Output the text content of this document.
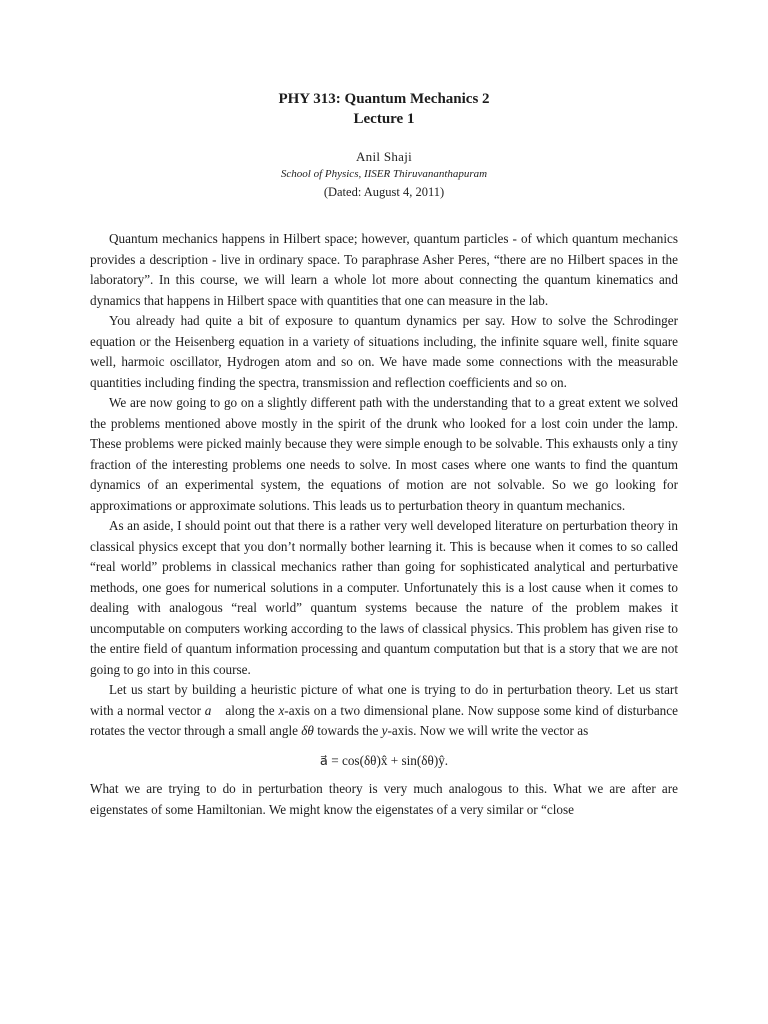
PHY 313: Quantum Mechanics 2
Lecture 1
Anil Shaji
School of Physics, IISER Thiruvananthapuram
(Dated: August 4, 2011)

Quantum mechanics happens in Hilbert space; however, quantum particles - of which quantum mechanics provides a description - live in ordinary space. To paraphrase Asher Peres, “there are no Hilbert spaces in the laboratory”. In this course, we will learn a whole lot more about connecting the quantum kinematics and dynamics that happens in Hilbert space with quantities that one can measure in the lab.

You already had quite a bit of exposure to quantum dynamics per say. How to solve the Schrodinger equation or the Heisenberg equation in a variety of situations including, the infinite square well, finite square well, harmoic oscillator, Hydrogen atom and so on. We have made some connections with the measurable quantities including finding the spectra, transmission and reflection coefficients and so on.

We are now going to go on a slightly different path with the understanding that to a great extent we solved the problems mentioned above mostly in the spirit of the drunk who looked for a lost coin under the lamp. These problems were picked mainly because they were simple enough to be solvable. This exhausts only a tiny fraction of the interesting problems one needs to solve. In most cases where one wants to find the quantum dynamics of an experimental system, the equations of motion are not solvable. So we go looking for approximations or approximate solutions. This leads us to perturbation theory in quantum mechanics.

As an aside, I should point out that there is a rather very well developed literature on perturbation theory in classical physics except that you don’t normally bother learning it. This is because when it comes to so called “real world” problems in classical mechanics rather than going for sophisticated analytical and perturbative methods, one goes for numerical solutions in a computer. Unfortunately this is a lost cause when it comes to dealing with analogous “real world” quantum systems because the nature of the problem makes it uncomputable on computers working according to the laws of classical physics. This problem has given rise to the entire field of quantum information processing and quantum computation but that is a story that we are not going to go into in this course.

Let us start by building a heuristic picture of what one is trying to do in perturbation theory. Let us start with a normal vector a⃗ along the x-axis on a two dimensional plane. Now suppose some kind of disturbance rotates the vector through a small angle δθ towards the y-axis. Now we will write the vector as

a⃗ = cos(δθ)x̂ + sin(δθ)ŷ.

What we are trying to do in perturbation theory is very much analogous to this. What we are after are eigenstates of some Hamiltonian. We might know the eigenstates of a very similar or “close
